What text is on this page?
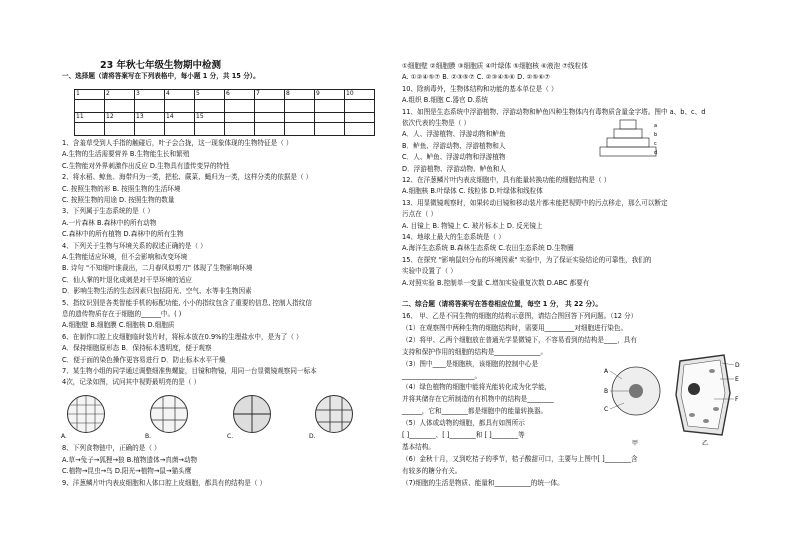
23 年秋七年级生物期中检测
一、选择题（请将答案写在下列表格中，每小题 1 分，共 15 分）。
1	2	3	4	5	6	7	8	9	10

11	12	13	14	15					

1、含羞草受到人手指的触碰后，叶子会合拢，这一现象体现的生物特征是（ ）
A.生物的生活需要营养 B.生物能生长和繁殖
C.生物能对外界刺激作出反应 D.生物具有遗传变异的特性
2、将水稻、鲸鱼、海带归为一类，把松、蕨菜、蝇归为一类，这样分类的依据是（ ）
C. 按照生物的形 B. 按照生物的生活环境
C. 按照生物的用途 D. 按照生物的数量
3、下列属于生态系统的是（ ）
A.一片森林 B.森林中的所有动物
C.森林中的所有植物 D.森林中的所有生物
4、下列关于生物与环境关系的叙述正确的是（ ）
A.生物能适应环境，但不会影响和改变环境
B. 诗句 "不知细叶谁裁出，二月春风似剪刀" 体现了生物影响环境
C．仙人掌的叶退化成刺是对干旱环境的适应
D．影响生物生活的生态因素只包括阳光、空气、水等非生物因素
5、指纹识别是各类智能手机的标配功能, 小小的指纹包含了重要的信息, 控制人指纹信
息的遗传物质存在于细胞的______中。( )
A.细胞壁 B.细胞膜 C.细胞核 D.细胞质
6、在制作口腔上皮细胞临时装片时，将标本放在0.9%的生理盐水中，是为了（ ）
A．保持细胞原形态 B．保持标本透明度，便于观察
C．便于面的染色操作更容易进行 D．防止标本水平干燥
7、某生物小组的同学通过调整细准焦螺旋，目镜和物镜，用同一台显微镜观察同一标本
4次，记录如图，试问其中视野最明亮的是（ ）
A.	B.	C.	D.
8、下列食物链中，正确的是（ ）
A.草→兔子→狐狸→狼 B.植物遗体→真菌→动物
C.植物→昆虫→鸟 D.阳光→植物→鼠→猫头鹰
9、洋葱鳞片叶内表皮细胞和人体口腔上皮细胞，都具有的结构是（ ）
①细胞壁 ②细胞膜 ③细胞质 ④叶绿体 ⑤细胞核 ⑥液泡 ⑦线粒体
A. ①②④⑤⑦ B. ②③⑤⑦ C. ②③④⑤⑥ D. ②⑤⑥⑦
10、除病毒外，生物体结构和功能的基本单位是（ ）
A.组织 B.细胞 C.器官 D.系统
11、如图是生态系统中浮游植物、浮游动物和鲈鱼四种生物体内有毒物质含量金字塔。图中 a、b、c、d
依次代表的生物是（ ）
A．人、浮游植物、浮游动物和鲈鱼
B．鲈鱼、浮游动物、浮游植物和人
C．人、鲈鱼、浮游动物和浮游植物
D．浮游植物、浮游动物、鲈鱼和人
12、在洋葱鳞片叶内表皮细胞中，具有能量转换功能的细胞结构是（ ）
A.细胞核 B.叶绿体 C. 线粒体 D.叶绿体和线粒体
13、用显微镜观察时，如果转动目镜和移动装片都未能把视野中的污点移走，那么可以断定
污点在（ ）
A. 目镜上 B. 物镜上 C. 玻片标本上 D. 反光镜上
14、地球上最大的生态系统是（ ）
A.海洋生态系统 B.森林生态系统 C.农田生态系统 D.生物圈
15、在探究 "影响鼠妇分布的环境因素" 实验中，为了保证实验结论的可靠性，我们的
实验中设置了（ ）
A.对照实验 B.控制单一变量 C.增加实验重复次数 D.ABC 都要有
a
b
c
d
二、综合题（请将答案写在答卷相应位置，每空 1 分， 共 22 分）。
16、 甲、乙是不同生物的细胞的结构示意图，请结合图回答下列问题。（12 分）
（1）在观察图中两种生物的细胞结构时，需要用_________对细胞进行染色。
（2）将甲、乙两个细胞放在普通光学显微镜下，不容易看到的结构是____，具有
支持和保护作用的细胞的结构是______________。
（3）图中____是细胞核，该细胞的控制中心是
______________________。
（4）绿色植物的细胞中能将光能转化成为化学能，
并将其储存在它所制造的有机物中的结构是________
______，它和________都是细胞中的能量转换器。
（5）人体或动物的细胞，都具有如图所示
[ ]________、[ ]________和 [ ]________等
基本结构。
（6）金秋十月，又到吃桔子的季节，桔子酸甜可口，主要与上图中[ ]________含
有较多的糖分有关。
（7)细胞的生活是物质、能量和___________的统一体。
A
B
C
D
E
F
甲	乙
